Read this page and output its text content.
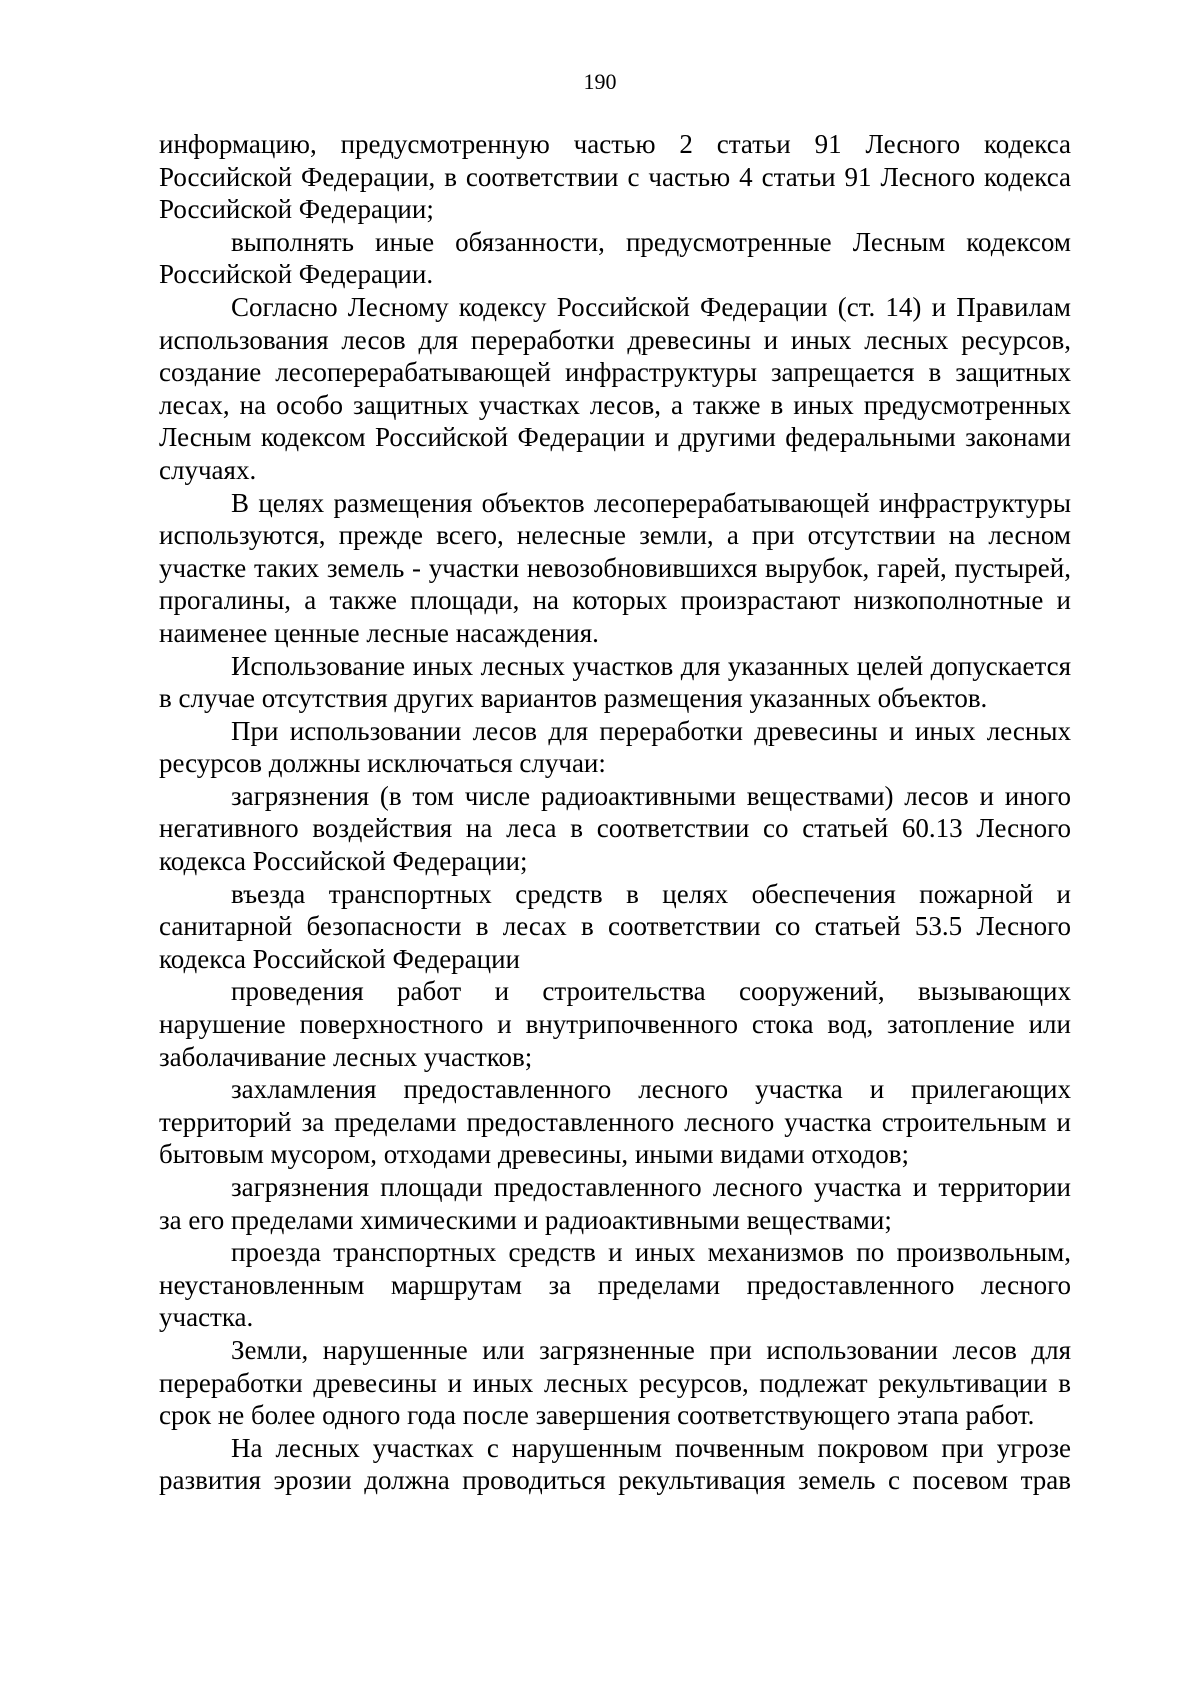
190

информацию, предусмотренную частью 2 статьи 91 Лесного кодекса Российской Федерации, в соответствии с частью 4 статьи 91 Лесного кодекса Российской Федерации;

выполнять иные обязанности, предусмотренные Лесным кодексом Российской Федерации.

Согласно Лесному кодексу Российской Федерации (ст. 14) и Правилам использования лесов для переработки древесины и иных лесных ресурсов, создание лесоперерабатывающей инфраструктуры запрещается в защитных лесах, на особо защитных участках лесов, а также в иных предусмотренных Лесным кодексом Российской Федерации и другими федеральными законами случаях.

В целях размещения объектов лесоперерабатывающей инфраструктуры используются, прежде всего, нелесные земли, а при отсутствии на лесном участке таких земель - участки невозобновившихся вырубок, гарей, пустырей, прогалины, а также площади, на которых произрастают низкополнотные и наименее ценные лесные насаждения.

Использование иных лесных участков для указанных целей допускается в случае отсутствия других вариантов размещения указанных объектов.

При использовании лесов для переработки древесины и иных лесных ресурсов должны исключаться случаи:

загрязнения (в том числе радиоактивными веществами) лесов и иного негативного воздействия на леса в соответствии со статьей 60.13 Лесного кодекса Российской Федерации;

въезда транспортных средств в целях обеспечения пожарной и санитарной безопасности в лесах в соответствии со статьей 53.5 Лесного кодекса Российской Федерации

проведения работ и строительства сооружений, вызывающих нарушение поверхностного и внутрипочвенного стока вод, затопление или заболачивание лесных участков;

захламления предоставленного лесного участка и прилегающих территорий за пределами предоставленного лесного участка строительным и бытовым мусором, отходами древесины, иными видами отходов;

загрязнения площади предоставленного лесного участка и территории за его пределами химическими и радиоактивными веществами;

проезда транспортных средств и иных механизмов по произвольным, неустановленным маршрутам за пределами предоставленного лесного участка.

Земли, нарушенные или загрязненные при использовании лесов для переработки древесины и иных лесных ресурсов, подлежат рекультивации в срок не более одного года после завершения соответствующего этапа работ.

На лесных участках с нарушенным почвенным покровом при угрозе развития эрозии должна проводиться рекультивация земель с посевом трав
